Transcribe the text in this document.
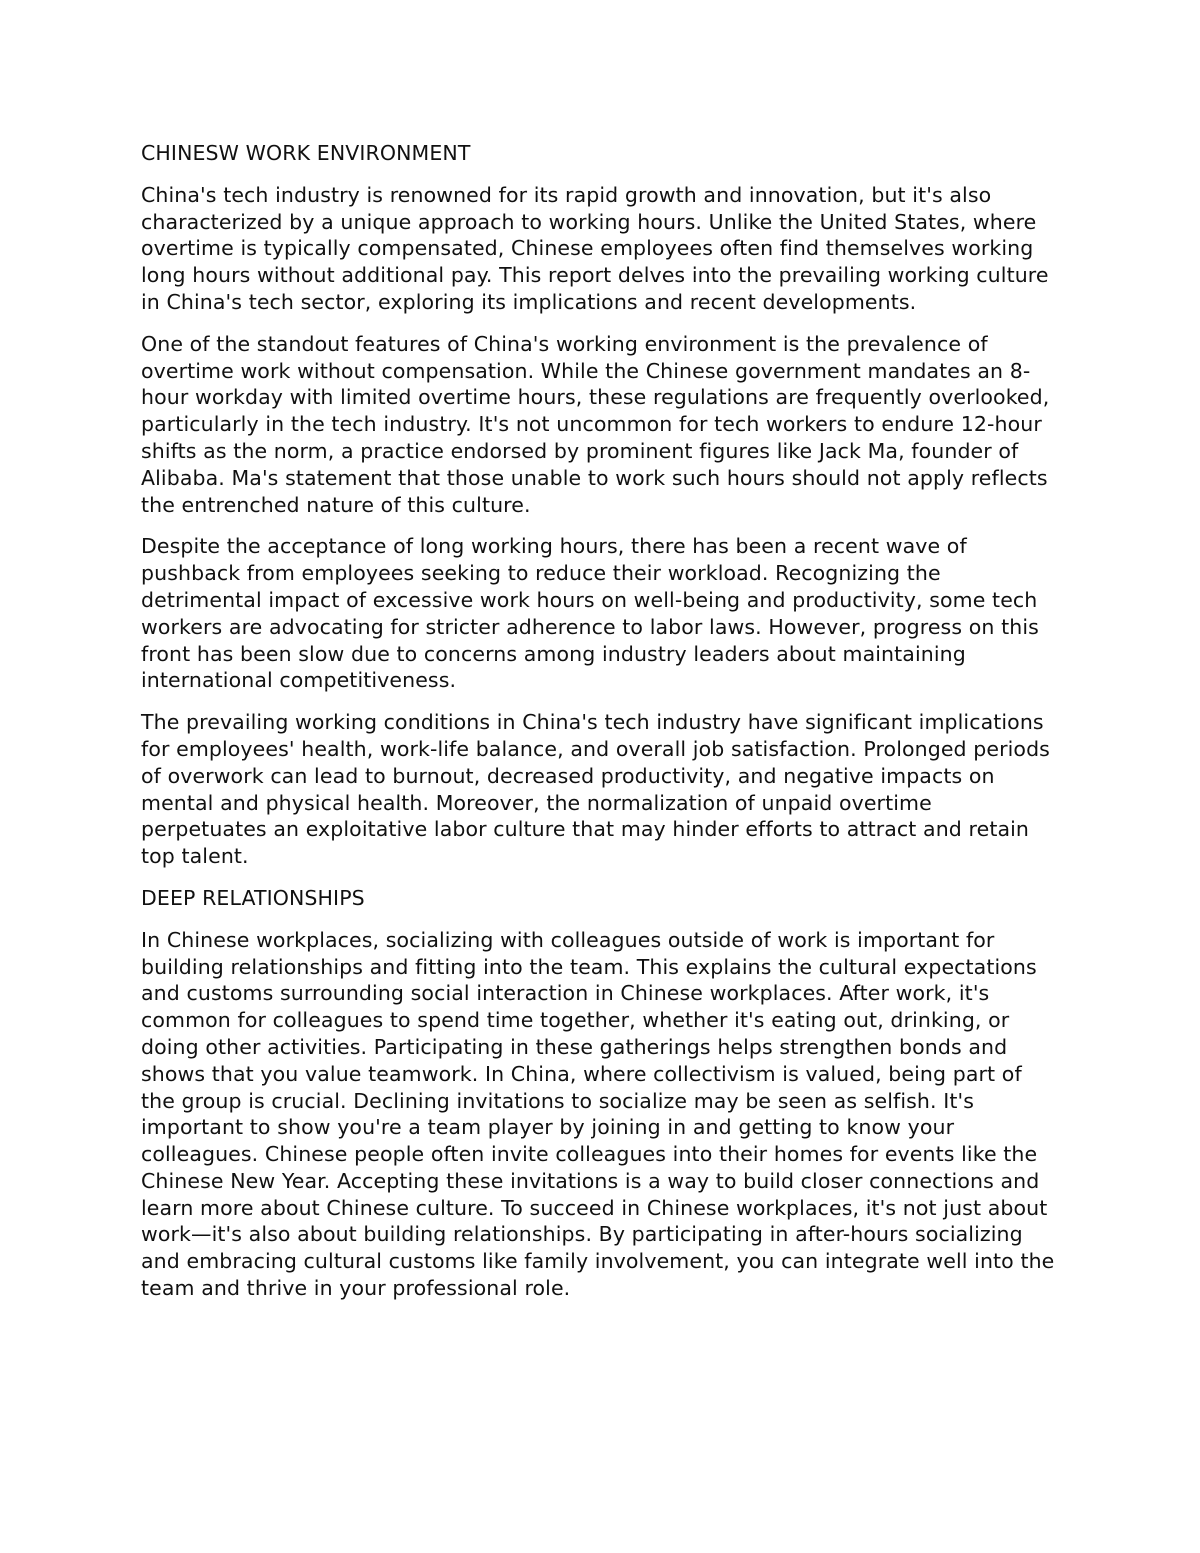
CHINESW WORK ENVIRONMENT

China's tech industry is renowned for its rapid growth and innovation, but it's also characterized by a unique approach to working hours. Unlike the United States, where overtime is typically compensated, Chinese employees often find themselves working long hours without additional pay. This report delves into the prevailing working culture in China's tech sector, exploring its implications and recent developments.

One of the standout features of China's working environment is the prevalence of overtime work without compensation. While the Chinese government mandates an 8-hour workday with limited overtime hours, these regulations are frequently overlooked, particularly in the tech industry. It's not uncommon for tech workers to endure 12-hour shifts as the norm, a practice endorsed by prominent figures like Jack Ma, founder of Alibaba. Ma's statement that those unable to work such hours should not apply reflects the entrenched nature of this culture.

Despite the acceptance of long working hours, there has been a recent wave of pushback from employees seeking to reduce their workload. Recognizing the detrimental impact of excessive work hours on well-being and productivity, some tech workers are advocating for stricter adherence to labor laws. However, progress on this front has been slow due to concerns among industry leaders about maintaining international competitiveness.

The prevailing working conditions in China's tech industry have significant implications for employees' health, work-life balance, and overall job satisfaction. Prolonged periods of overwork can lead to burnout, decreased productivity, and negative impacts on mental and physical health. Moreover, the normalization of unpaid overtime perpetuates an exploitative labor culture that may hinder efforts to attract and retain top talent.

DEEP RELATIONSHIPS

In Chinese workplaces, socializing with colleagues outside of work is important for building relationships and fitting into the team. This explains the cultural expectations and customs surrounding social interaction in Chinese workplaces. After work, it's common for colleagues to spend time together, whether it's eating out, drinking, or doing other activities. Participating in these gatherings helps strengthen bonds and shows that you value teamwork. In China, where collectivism is valued, being part of the group is crucial. Declining invitations to socialize may be seen as selfish. It's important to show you're a team player by joining in and getting to know your colleagues. Chinese people often invite colleagues into their homes for events like the Chinese New Year. Accepting these invitations is a way to build closer connections and learn more about Chinese culture. To succeed in Chinese workplaces, it's not just about work—it's also about building relationships. By participating in after-hours socializing and embracing cultural customs like family involvement, you can integrate well into the team and thrive in your professional role.
